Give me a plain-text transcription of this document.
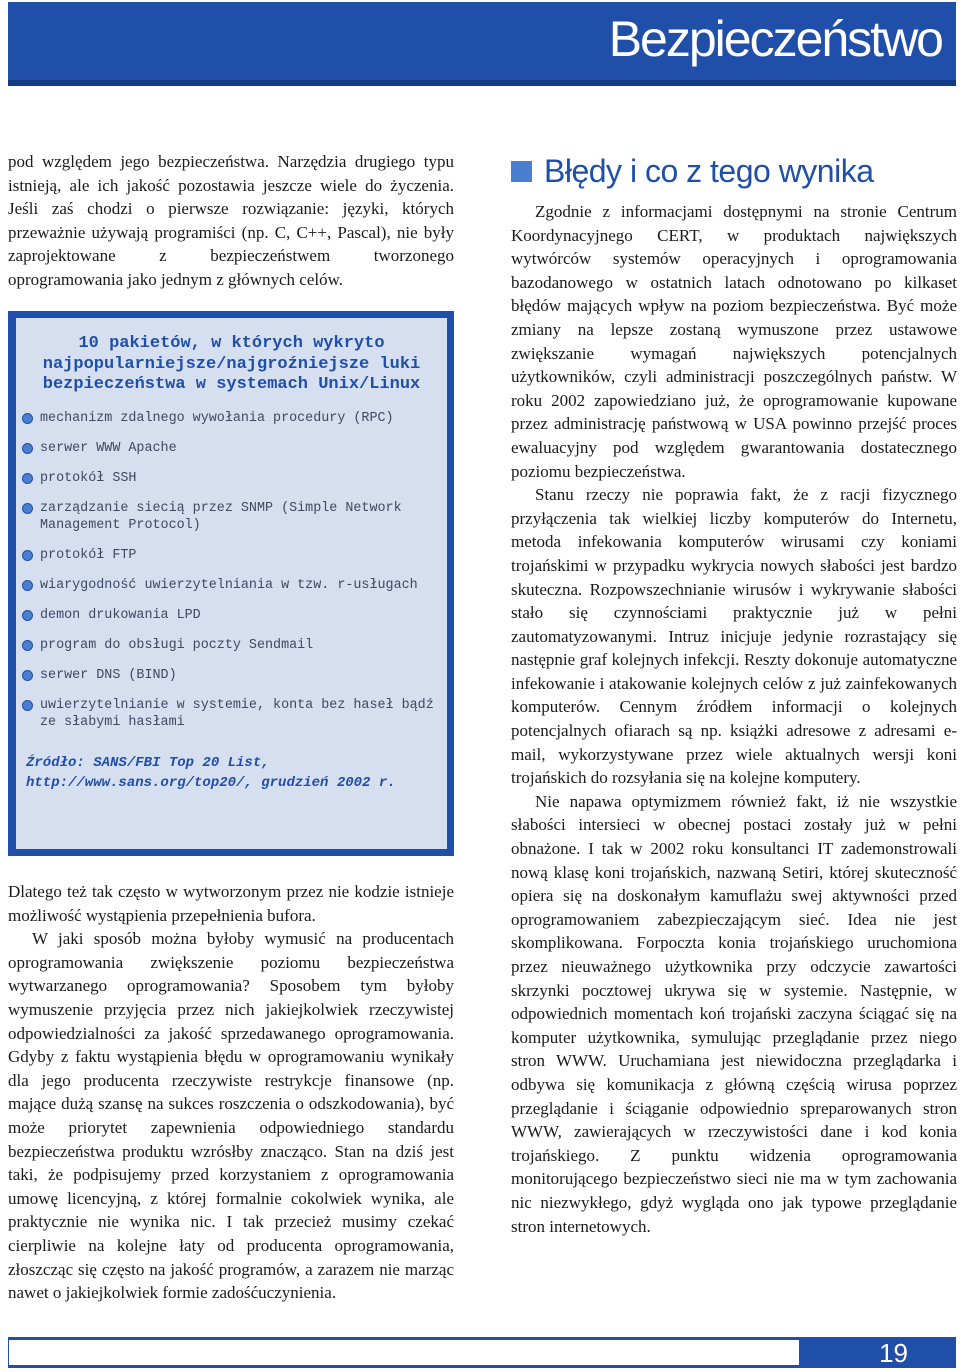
Bezpieczeństwo

pod względem jego bezpieczeństwa. Narzędzia drugiego typu istnieją, ale ich jakość pozostawia jeszcze wiele do życzenia. Jeśli zaś chodzi o pierwsze rozwiązanie: języki, których przeważnie używają programiści (np. C, C++, Pascal), nie były zaprojektowane z bezpieczeństwem tworzonego oprogramowania jako jednym z głównych celów.

10 pakietów, w których wykryto najpopularniejsze/najgroźniejsze luki bezpieczeństwa w systemach Unix/Linux
mechanizm zdalnego wywołania procedury (RPC)
serwer WWW Apache
protokół SSH
zarządzanie siecią przez SNMP (Simple Network Management Protocol)
protokół FTP
wiarygodność uwierzytelniania w tzw. r-usługach
demon drukowania LPD
program do obsługi poczty Sendmail
serwer DNS (BIND)
uwierzytelnianie w systemie, konta bez haseł bądź ze słabymi hasłami
Źródło: SANS/FBI Top 20 List, http://www.sans.org/top20/, grudzień 2002 r.

Dlatego też tak często w wytworzonym przez nie kodzie istnieje możliwość wystąpienia przepełnienia bufora.

W jaki sposób można byłoby wymusić na producentach oprogramowania zwiększenie poziomu bezpieczeństwa wytwarzanego oprogramowania? Sposobem tym byłoby wymuszenie przyjęcia przez nich jakiejkolwiek rzeczywistej odpowiedzialności za jakość sprzedawanego oprogramowania. Gdyby z faktu wystąpienia błędu w oprogramowaniu wynikały dla jego producenta rzeczywiste restrykcje finansowe (np. mające dużą szansę na sukces roszczenia o odszkodowania), być może priorytet zapewnienia odpowiedniego standardu bezpieczeństwa produktu wzrósłby znacząco. Stan na dziś jest taki, że podpisujemy przed korzystaniem z oprogramowania umowę licencyjną, z której formalnie cokolwiek wynika, ale praktycznie nie wynika nic. I tak przecież musimy czekać cierpliwie na kolejne łaty od producenta oprogramowania, złoszcząc się często na jakość programów, a zarazem nie marząc nawet o jakiejkolwiek formie zadośćuczynienia.

Błędy i co z tego wynika

Zgodnie z informacjami dostępnymi na stronie Centrum Koordynacyjnego CERT, w produktach największych wytwórców systemów operacyjnych i oprogramowania bazodanowego w ostatnich latach odnotowano po kilkaset błędów mających wpływ na poziom bezpieczeństwa. Być może zmiany na lepsze zostaną wymuszone przez ustawowe zwiększanie wymagań największych potencjalnych użytkowników, czyli administracji poszczególnych państw. W roku 2002 zapowiedziano już, że oprogramowanie kupowane przez administrację państwową w USA powinno przejść proces ewaluacyjny pod względem gwarantowania dostatecznego poziomu bezpieczeństwa.

Stanu rzeczy nie poprawia fakt, że z racji fizycznego przyłączenia tak wielkiej liczby komputerów do Internetu, metoda infekowania komputerów wirusami czy koniami trojańskimi w przypadku wykrycia nowych słabości jest bardzo skuteczna. Rozpowszechnianie wirusów i wykrywanie słabości stało się czynnościami praktycznie już w pełni zautomatyzowanymi. Intruz inicjuje jedynie rozrastający się następnie graf kolejnych infekcji. Reszty dokonuje automatyczne infekowanie i atakowanie kolejnych celów z już zainfekowanych komputerów. Cennym źródłem informacji o kolejnych potencjalnych ofiarach są np. książki adresowe z adresami e-mail, wykorzystywane przez wiele aktualnych wersji koni trojańskich do rozsyłania się na kolejne komputery.

Nie napawa optymizmem również fakt, iż nie wszystkie słabości intersieci w obecnej postaci zostały już w pełni obnażone. I tak w 2002 roku konsultanci IT zademonstrowali nową klasę koni trojańskich, nazwaną Setiri, której skuteczność opiera się na doskonałym kamuflażu swej aktywności przed oprogramowaniem zabezpieczającym sieć. Idea nie jest skomplikowana. Forpoczta konia trojańskiego uruchomiona przez nieuważnego użytkownika przy odczycie zawartości skrzynki pocztowej ukrywa się w systemie. Następnie, w odpowiednich momentach koń trojański zaczyna ściągać się na komputer użytkownika, symulując przeglądanie przez niego stron WWW. Uruchamiana jest niewidoczna przeglądarka i odbywa się komunikacja z główną częścią wirusa poprzez przeglądanie i ściąganie odpowiednio spreparowanych stron WWW, zawierających w rzeczywistości dane i kod konia trojańskiego. Z punktu widzenia oprogramowania monitorującego bezpieczeństwo sieci nie ma w tym zachowania nic niezwykłego, gdyż wygląda ono jak typowe przeglądanie stron internetowych.

19
